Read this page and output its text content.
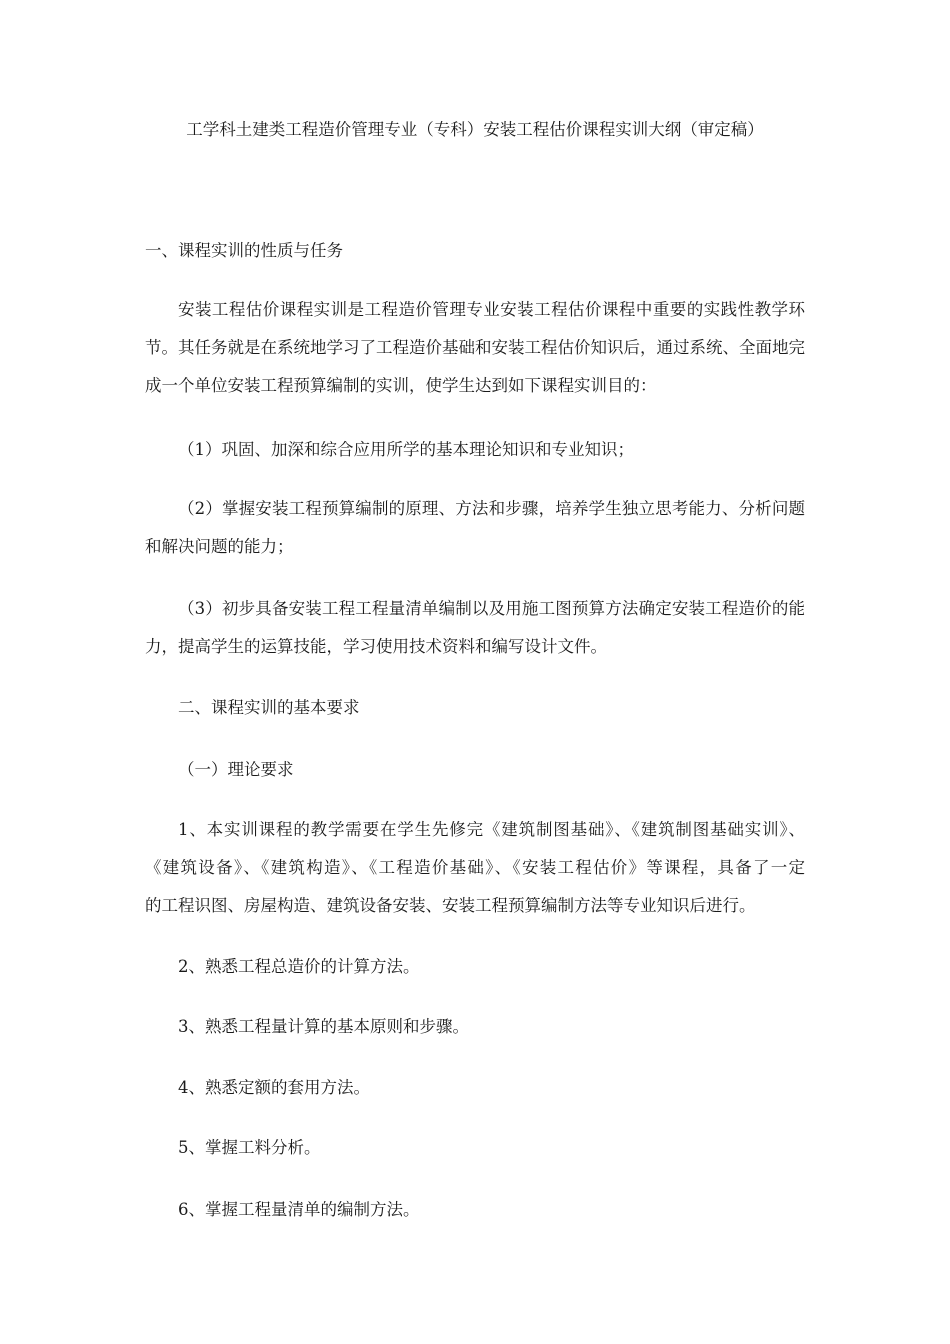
工学科土建类工程造价管理专业（专科）安装工程估价课程实训大纲（审定稿）
一、课程实训的性质与任务
安装工程估价课程实训是工程造价管理专业安装工程估价课程中重要的实践性教学环
节。其任务就是在系统地学习了工程造价基础和安装工程估价知识后，通过系统、全面地完
成一个单位安装工程预算编制的实训，使学生达到如下课程实训目的：
（1）巩固、加深和综合应用所学的基本理论知识和专业知识；
（2）掌握安装工程预算编制的原理、方法和步骤，培养学生独立思考能力、分析问题
和解决问题的能力；
（3）初步具备安装工程工程量清单编制以及用施工图预算方法确定安装工程造价的能
力，提高学生的运算技能，学习使用技术资料和编写设计文件。
二、课程实训的基本要求
（一）理论要求
1、本实训课程的教学需要在学生先修完《建筑制图基础》、《建筑制图基础实训》、
《建筑设备》、《建筑构造》、《工程造价基础》、《安装工程估价》等课程，具备了一定
的工程识图、房屋构造、建筑设备安装、安装工程预算编制方法等专业知识后进行。
2、熟悉工程总造价的计算方法。
3、熟悉工程量计算的基本原则和步骤。
4、熟悉定额的套用方法。
5、掌握工料分析。
6、掌握工程量清单的编制方法。
